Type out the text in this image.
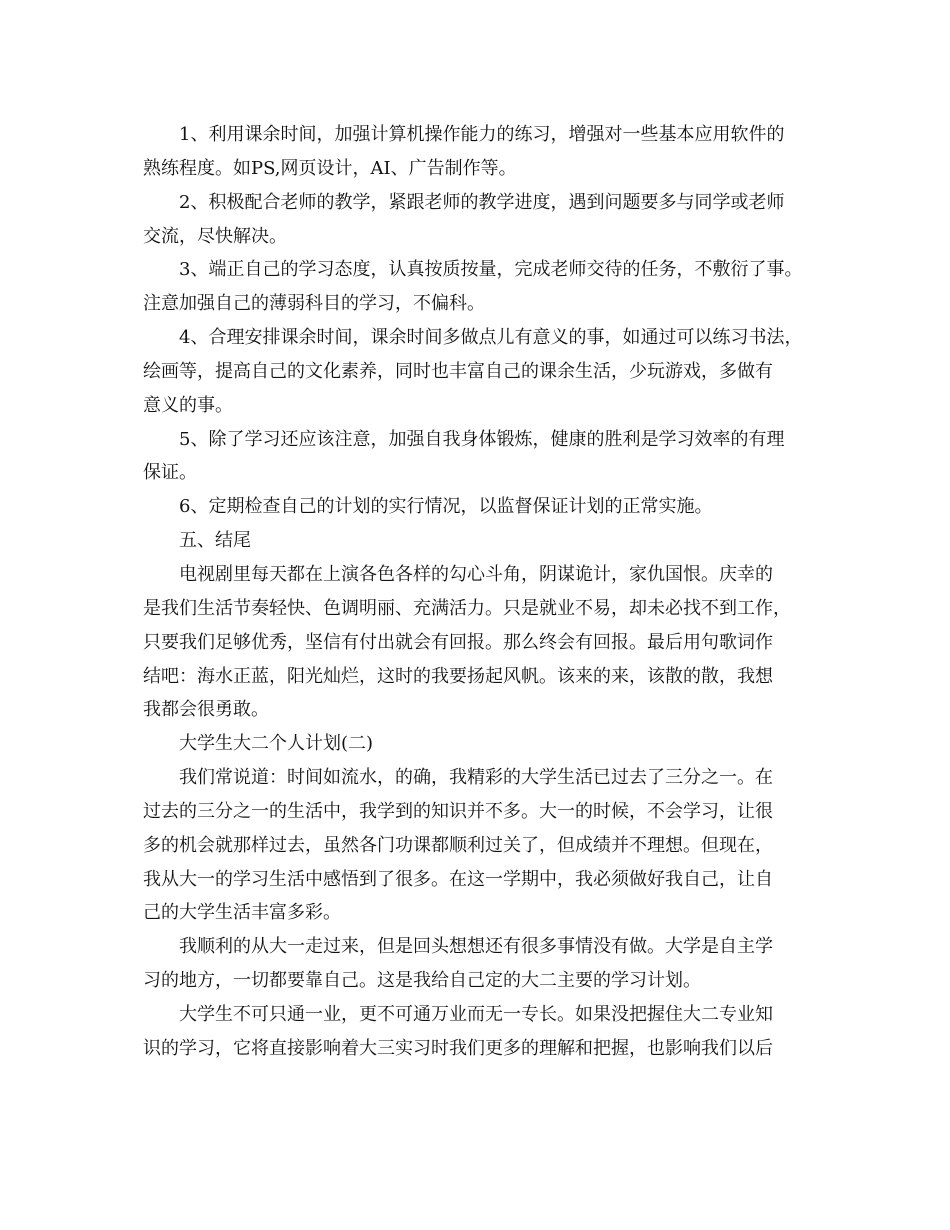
1、利用课余时间，加强计算机操作能力的练习，增强对一些基本应用软件的
熟练程度。如PS,网页设计，AI、广告制作等。
2、积极配合老师的教学，紧跟老师的教学进度，遇到问题要多与同学或老师
交流，尽快解决。
3、端正自己的学习态度，认真按质按量，完成老师交待的任务，不敷衍了事。
注意加强自己的薄弱科目的学习，不偏科。
4、合理安排课余时间，课余时间多做点儿有意义的事，如通过可以练习书法，
绘画等，提高自己的文化素养，同时也丰富自己的课余生活，少玩游戏，多做有
意义的事。
5、除了学习还应该注意，加强自我身体锻炼，健康的胜利是学习效率的有理
保证。
6、定期检查自己的计划的实行情况，以监督保证计划的正常实施。
五、结尾
电视剧里每天都在上演各色各样的勾心斗角，阴谋诡计，家仇国恨。庆幸的
是我们生活节奏轻快、色调明丽、充满活力。只是就业不易，却未必找不到工作，
只要我们足够优秀，坚信有付出就会有回报。那么终会有回报。最后用句歌词作
结吧：海水正蓝，阳光灿烂，这时的我要扬起风帆。该来的来，该散的散，我想
我都会很勇敢。
大学生大二个人计划(二)
我们常说道：时间如流水，的确，我精彩的大学生活已过去了三分之一。在
过去的三分之一的生活中，我学到的知识并不多。大一的时候，不会学习，让很
多的机会就那样过去，虽然各门功课都顺利过关了，但成绩并不理想。但现在，
我从大一的学习生活中感悟到了很多。在这一学期中，我必须做好我自己，让自
己的大学生活丰富多彩。
我顺利的从大一走过来，但是回头想想还有很多事情没有做。大学是自主学
习的地方，一切都要靠自己。这是我给自己定的大二主要的学习计划。
大学生不可只通一业，更不可通万业而无一专长。如果没把握住大二专业知
识的学习，它将直接影响着大三实习时我们更多的理解和把握，也影响我们以后
